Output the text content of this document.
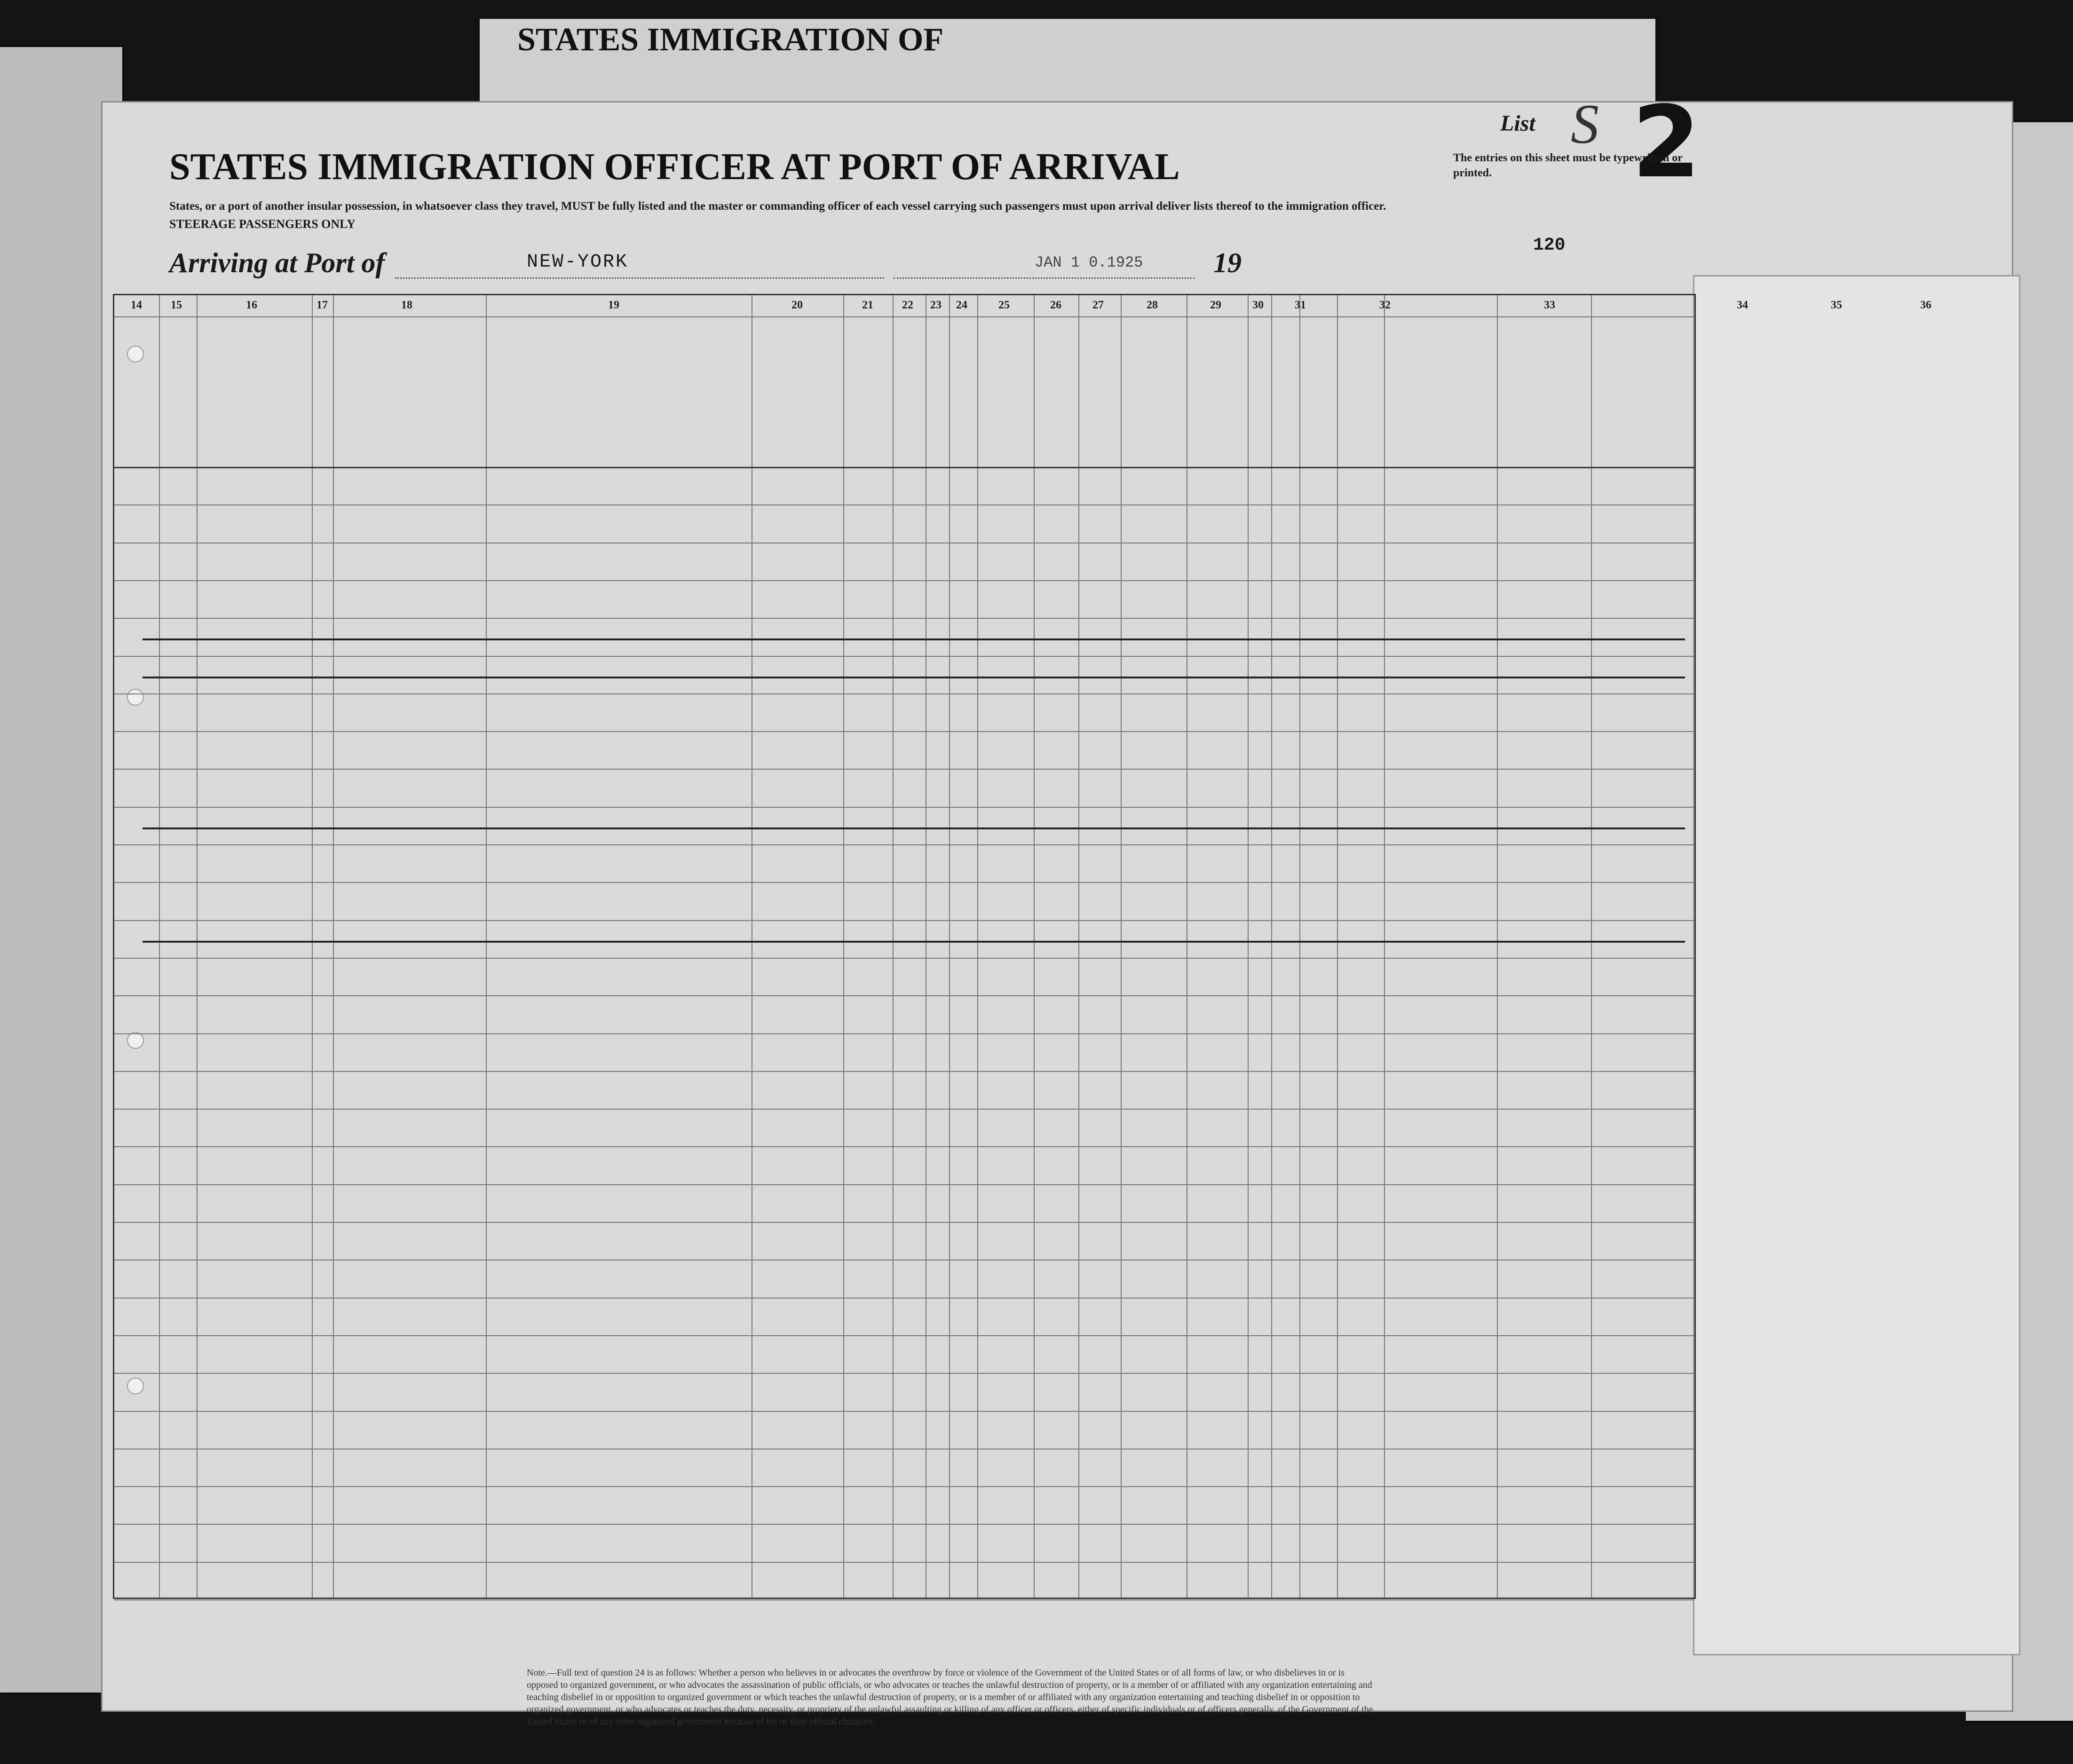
STATES IMMIGRATION OF
STATES IMMIGRATION OFFICER AT PORT OF ARRIVAL
States, or a port of another insular possession, in whatsoever class they travel, MUST be fully listed and the master or commanding officer of each vessel carrying such passengers must upon arrival deliver lists thereof to the immigration officer.
STEERAGE PASSENGERS ONLY
List S 2
The entries on this sheet must be typewritten or printed.
Arriving at Port of	NEW-YORK	JAN 1 0.1925 19
120
14	15	16	17	18	19	20	21	22 23 24	25	26	27	28	29	30	31	32	33	34	35	36
Note.—Full text of question 24 is as follows: Whether a person who believes in or advocates the overthrow by force or violence of the Government of the United States or of all forms of law, or who disbelieves in or is opposed to organized government, or who advocates the assassination of public officials, or who advocates or teaches the unlawful destruction of property, or is a member of or affiliated with any organization entertaining and teaching disbelief in or opposition to organized government or which teaches the unlawful destruction of property, or is a member of or affiliated with any organization entertaining and teaching disbelief in or opposition to organized government, or who advocates or teaches the duty, necessity, or propriety of the unlawful assaulting or killing of any officer or officers, either of specific individuals or of officers generally, of the Government of the United States or of any other organized government because of his or their official character.
